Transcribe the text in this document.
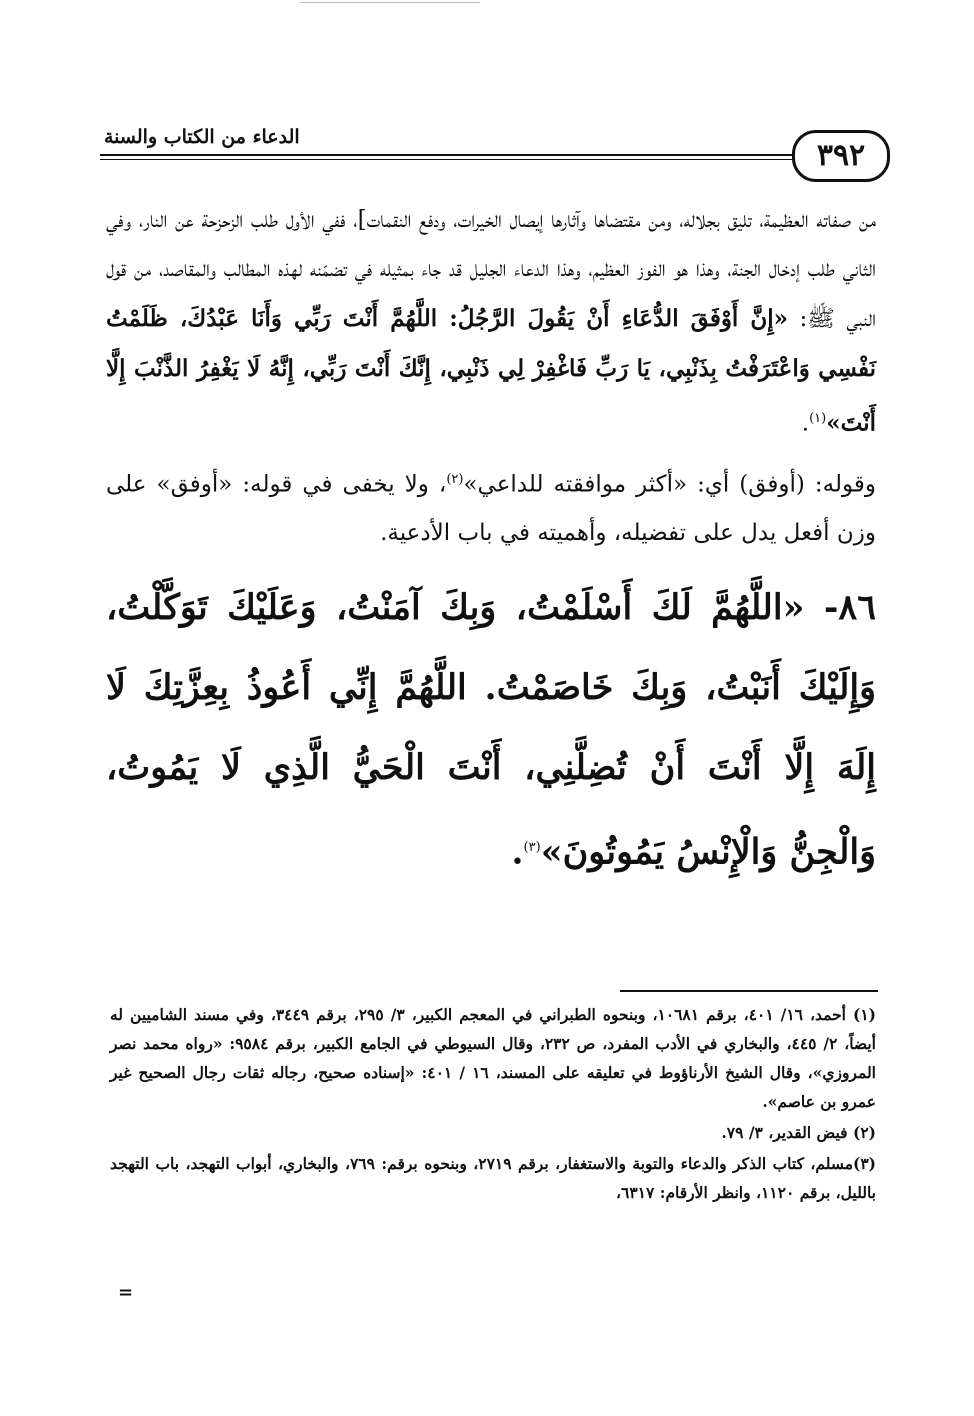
الدعاء من الكتاب والسنة
٣٩٢

من صفاته العظيمة، تليق بجلاله، ومن مقتضاها وآثارها إيصال الخيرات، ودفع النقمات]، ففي الأول طلب الزحزحة عن النار، وفي الثاني طلب إدخال الجنة، وهذا هو الفوز العظيم، وهذا الدعاء الجليل قد جاء بمثيله في تضمّنه لهذه المطالب والمقاصد، من قول النبي ﷺ: «إِنَّ أَوْفَقَ الدُّعَاءِ أَنْ يَقُولَ الرَّجُلُ: اللَّهُمَّ أَنْتَ رَبِّي وَأَنَا عَبْدُكَ، ظَلَمْتُ نَفْسِي وَاعْتَرَفْتُ بِذَنْبِي، يَا رَبِّ فَاغْفِرْ لِي ذَنْبِي، إِنَّكَ أَنْتَ رَبِّي، إِنَّهُ لَا يَغْفِرُ الذَّنْبَ إِلَّا أَنْتَ»$^{(١)}$.

وقوله: (أوفق) أي: «أكثر موافقته للداعي»$^{(٢)}$، ولا يخفى في قوله: «أوفق» على وزن أفعل يدل على تفضيله، وأهميته في باب الأدعية.

٨٦- «اللَّهُمَّ لَكَ أَسْلَمْتُ، وَبِكَ آمَنْتُ، وَعَلَيْكَ تَوَكَّلْتُ، وَإِلَيْكَ أَنَبْتُ، وَبِكَ خَاصَمْتُ. اللَّهُمَّ إِنِّي أَعُوذُ بِعِزَّتِكَ لَا إِلَهَ إِلَّا أَنْتَ أَنْ تُضِلَّنِي، أَنْتَ الْحَيُّ الَّذِي لَا يَمُوتُ، وَالْجِنُّ وَالْإِنْسُ يَمُوتُونَ»$^{(٣)}$.

(١) أحمد، ١٦/ ٤٠١، برقم ١٠٦٨١، وبنحوه الطبراني في المعجم الكبير، ٣/ ٢٩٥، برقم ٣٤٤٩، وفي مسند الشاميين له أيضاً، ٢/ ٤٤٥، والبخاري في الأدب المفرد، ص ٢٣٢، وقال السيوطي في الجامع الكبير، برقم ٩٥٨٤: «رواه محمد نصر المروزي»، وقال الشيخ الأرناؤوط في تعليقه على المسند، ١٦ / ٤٠١: «إسناده صحيح، رجاله ثقات رجال الصحيح غير عمرو بن عاصم».

(٢) فيض القدير، ٣/ ٧٩.

(٣)مسلم، كتاب الذكر والدعاء والتوبة والاستغفار، برقم ٢٧١٩، وبنحوه برقم: ٧٦٩، والبخاري، أبواب التهجد، باب التهجد بالليل، برقم ١١٢٠، وانظر الأرقام: ٦٣١٧،

=
